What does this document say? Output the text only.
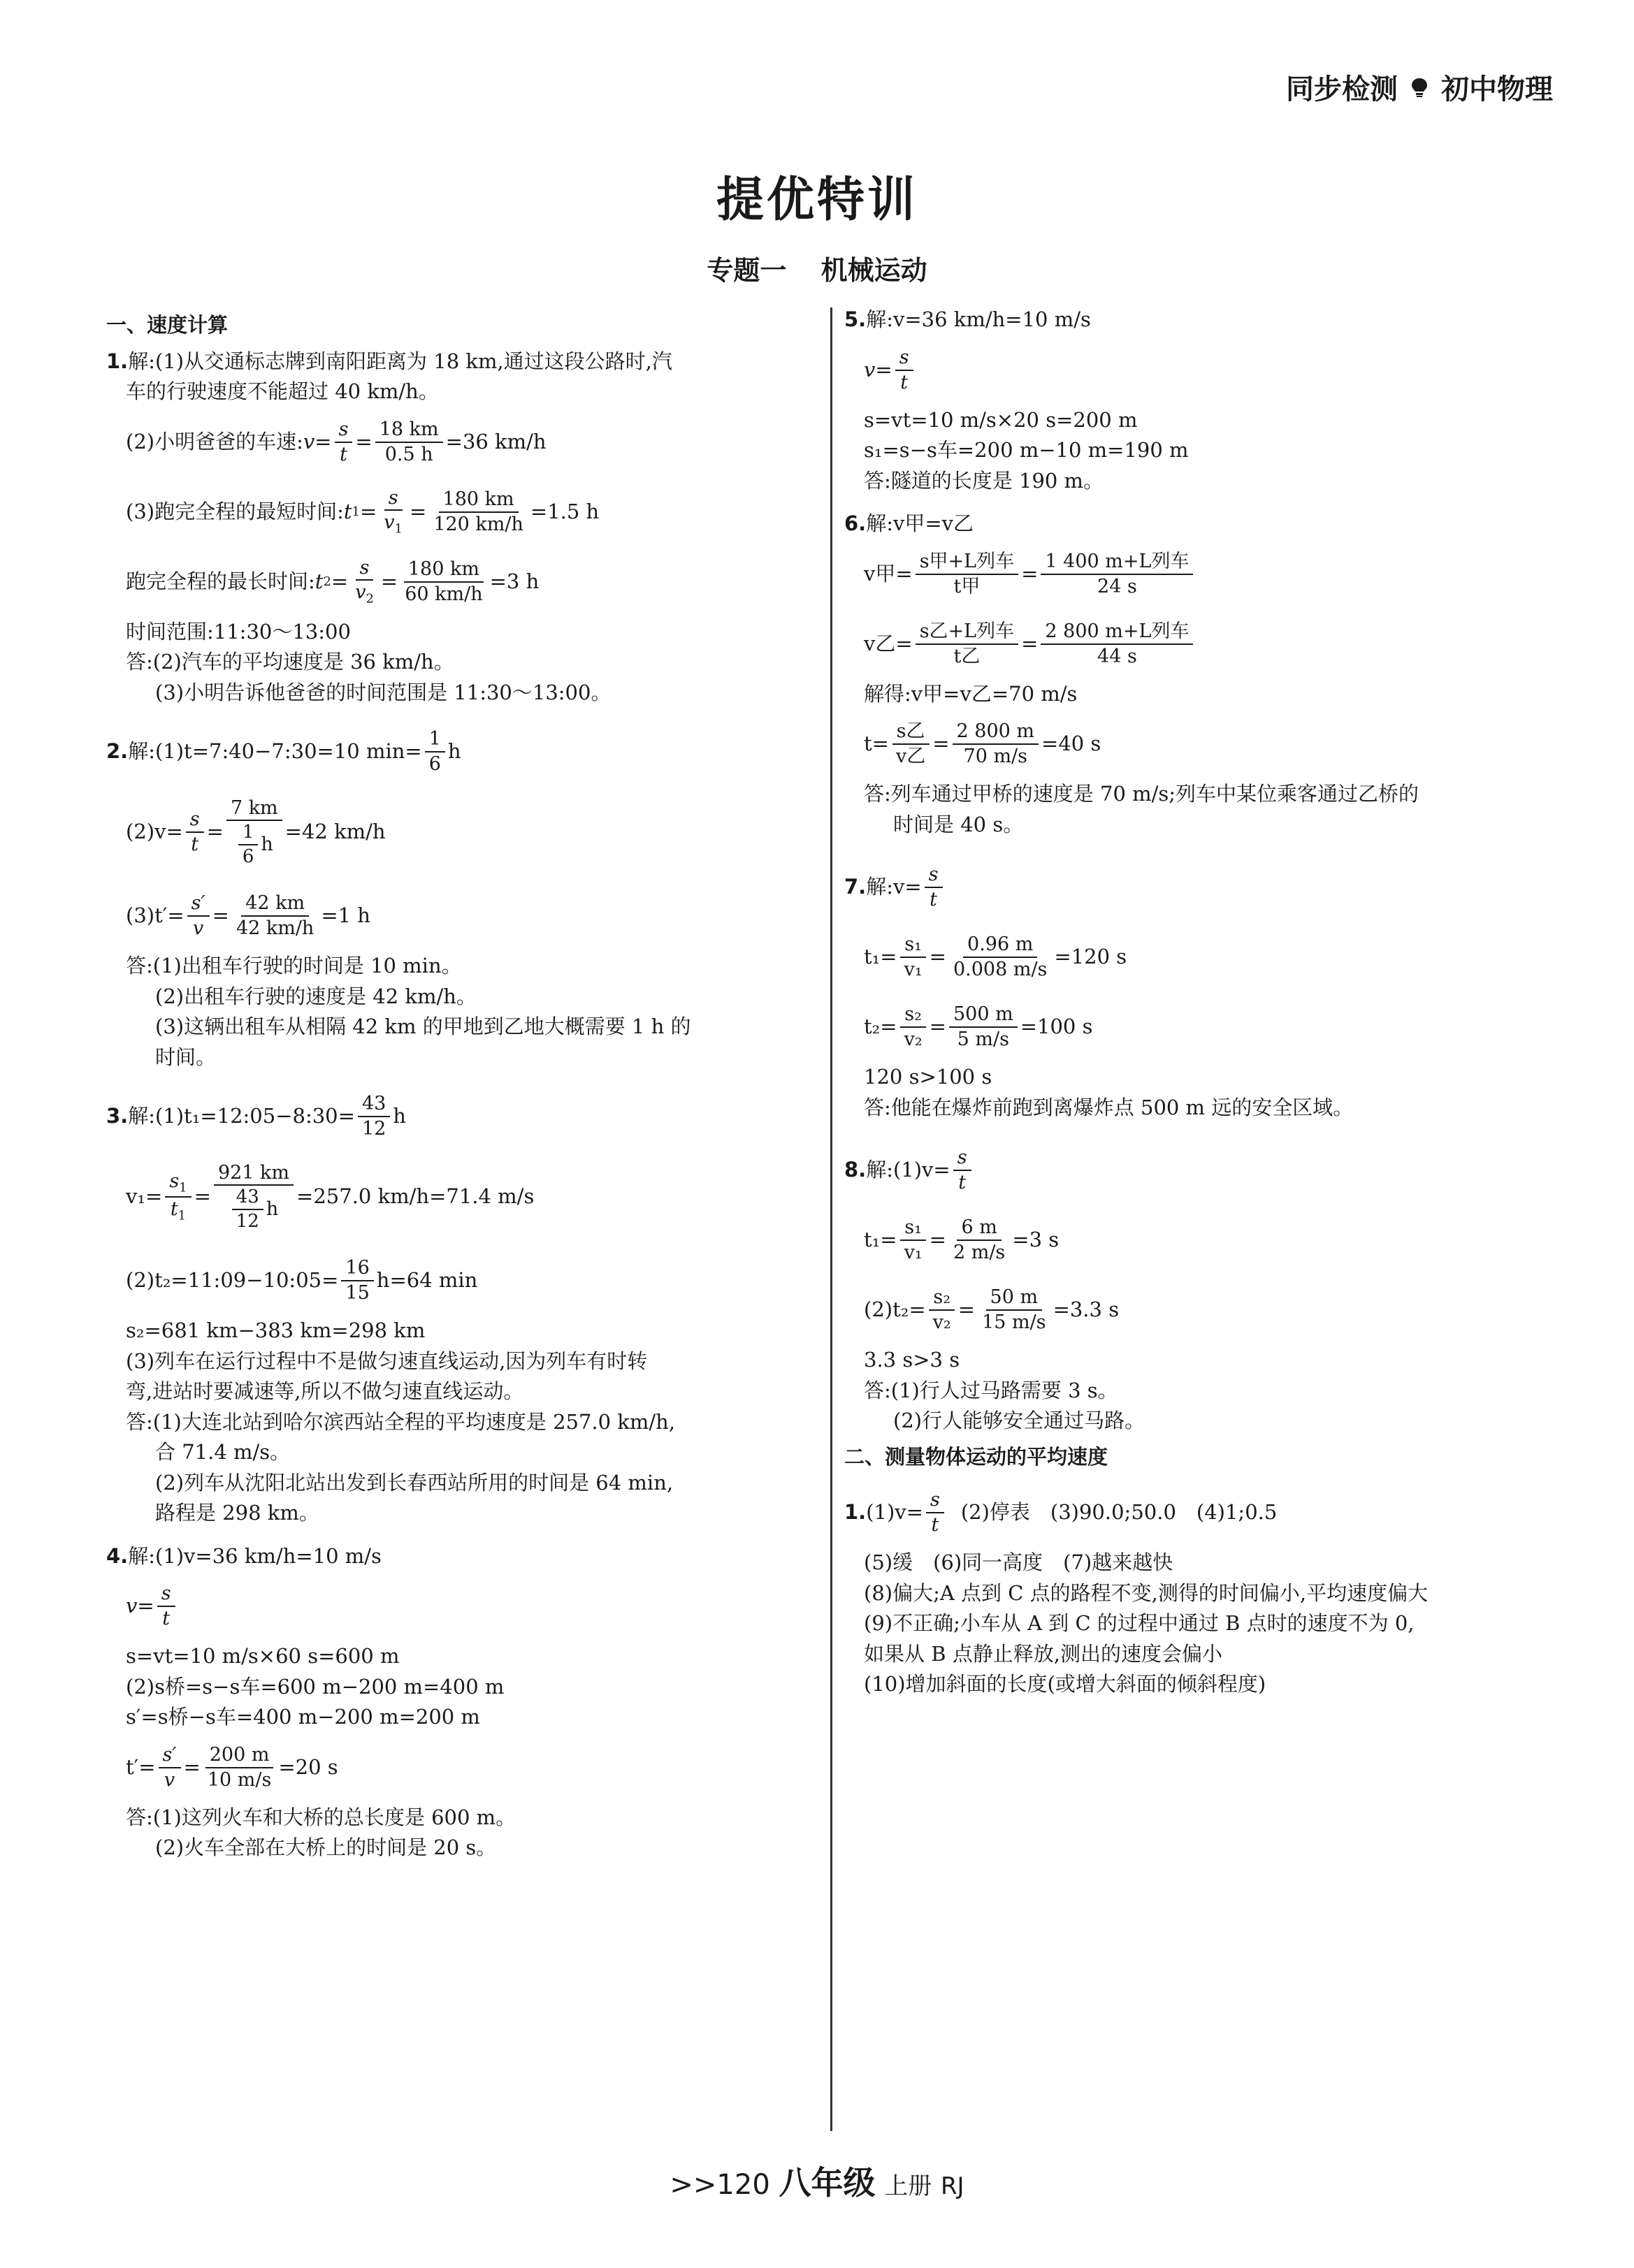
同步检测 初中物理
提优特训
专题一 机械运动
一、速度计算

1.解:(1)从交通标志牌到南阳距离为 18 km,通过这段公路时,汽

车的行驶速度不能超过 40 km/h。

(2)小明爸爸的车速: $v = \frac{s}{t} = \frac{18 km}{0.5 h} =36$ km/h
(3)跑完全程的最短时间: t $1 = \frac{s}{v_1} = \frac{180 km}{120 km/h} =1.5$ h
跑完全程的最长时间: t $2 = \frac{s}{v_2} = \frac{180 km}{60 km/h} =3$ h

时间范围:11:30～13:00

答:(2)汽车的平均速度是 36 km/h。

(3)小明告诉他爸爸的时间范围是 11:30～13:00。

2. 解:(1)t=7:40−7:30=10 $\min= \frac{1}{6}$ h
$(2)v= \frac{s}{t} = \frac{7 km}{\frac{1}{6} h} =42$ km/h
$(3)t'= \frac{s'}{v} = \frac{42 km}{42 km/h} =1$ h

答:(1)出租车行驶的时间是 10 min。

(2)出租车行驶的速度是 42 km/h。

(3)这辆出租车从相隔 42 km 的甲地到乙地大概需要 1 h 的

时间。

3. 解:(1)t₁=12:05−8:30= $\frac{43}{12}$ h
$v_1= \frac{s_1}{t_1} = \frac{921 km}{\frac{43}{12} h} =257.0$ km/h=71.4 m/s
(2)t₂=11:09−10:05= $\frac{16}{15} h=64$ min

s₂=681 km−383 km=298 km

(3)列车在运行过程中不是做匀速直线运动,因为列车有时转

弯,进站时要减速等,所以不做匀速直线运动。

答:(1)大连北站到哈尔滨西站全程的平均速度是 257.0 km/h,

合 71.4 m/s。

(2)列车从沈阳北站出发到长春西站所用的时间是 64 min,

路程是 298 km。

4.解:(1)v=36 km/h=10 m/s

$v = \frac{s}{t}$

s=vt=10 m/s×60 s=600 m

(2)s桥=s−s车=600 m−200 m=400 m

s′=s桥−s车=400 m−200 m=200 m

$t'= \frac{s'}{v} = \frac{200 m}{10 m/s} =20$ s

答:(1)这列火车和大桥的总长度是 600 m。

(2)火车全部在大桥上的时间是 20 s。

5.解:v=36 km/h=10 m/s

$v = \frac{s}{t}$

s=vt=10 m/s×20 s=200 m

s₁=s−s车=200 m−10 m=190 m

答:隧道的长度是 190 m。

6.解:v甲=v乙

v甲= $\frac{\text{s甲+L列车}}{\text{t甲}} = \frac{\text{1 400 m+L列车}}{24 s}$
v乙= $\frac{\text{s乙+L列车}}{\text{t乙}} = \frac{\text{2 800 m+L列车}}{44 s}$

解得:v甲=v乙=70 m/s

$t= \frac{\text{s乙}}{\text{v乙}} = \frac{2 800 m}{70 m/s} =40$ s

答:列车通过甲桥的速度是 70 m/s;列车中某位乘客通过乙桥的

时间是 40 s。

7. 解:v= $\frac{s}{t}$
$t_1= \frac{\text{s₁}}{\text{v₁}} = \frac{0.96 m}{0.008 m/s} =120$ s
$t_2= \frac{\text{s₂}}{\text{v₂}} = \frac{500 m}{5 m/s} =100$ s

120 s>100 s

答:他能在爆炸前跑到离爆炸点 500 m 远的安全区域。

8. 解:(1)v= $\frac{s}{t}$
$t_1= \frac{\text{s₁}}{\text{v₁}} = \frac{6 m}{2 m/s} =3$ s
$(2)t_2= \frac{\text{s₂}}{\text{v₂}} = \frac{50 m}{15 m/s} =3.3$ s

3.3 s>3 s

答:(1)行人过马路需要 3 s。

(2)行人能够安全通过马路。

二、测量物体运动的平均速度
1. $(1)v= \frac{s}{t} (2)$停表　(3)90.0;50.0　(4)1;0.5

(5)缓　(6)同一高度　(7)越来越快

(8)偏大;A 点到 C 点的路程不变,测得的时间偏小,平均速度偏大

(9)不正确;小车从 A 到 C 的过程中通过 B 点时的速度不为 0,

如果从 B 点静止释放,测出的速度会偏小

(10)增加斜面的长度(或增大斜面的倾斜程度)

>>120 八年级 上册 RJ
